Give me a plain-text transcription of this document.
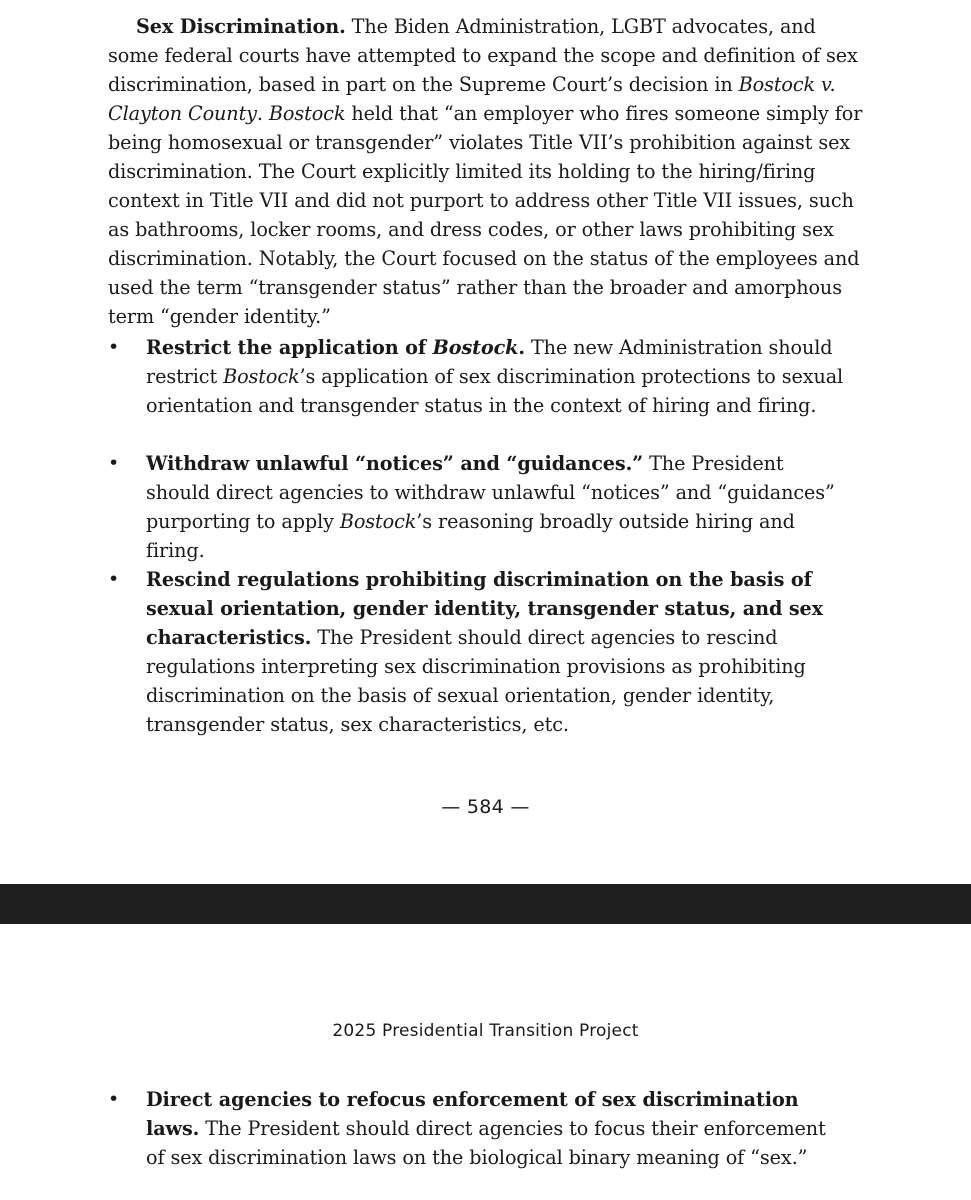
Sex Discrimination. The Biden Administration, LGBT advocates, and some federal courts have attempted to expand the scope and definition of sex discrimination, based in part on the Supreme Court’s decision in Bostock v. Clayton County. Bostock held that “an employer who fires someone simply for being homosexual or transgender” violates Title VII’s prohibition against sex discrimination. The Court explicitly limited its holding to the hiring/firing context in Title VII and did not purport to address other Title VII issues, such as bathrooms, locker rooms, and dress codes, or other laws prohibiting sex discrimination. Notably, the Court focused on the status of the employees and used the term “transgender status” rather than the broader and amorphous term “gender identity.”

• Restrict the application of Bostock. The new Administration should restrict Bostock’s application of sex discrimination protections to sexual orientation and transgender status in the context of hiring and firing.
• Withdraw unlawful “notices” and “guidances.” The President should direct agencies to withdraw unlawful “notices” and “guidances” purporting to apply Bostock’s reasoning broadly outside hiring and firing.
• Rescind regulations prohibiting discrimination on the basis of sexual orientation, gender identity, transgender status, and sex characteristics. The President should direct agencies to rescind regulations interpreting sex discrimination provisions as prohibiting discrimination on the basis of sexual orientation, gender identity, transgender status, sex characteristics, etc.
— 584 —
2025 Presidential Transition Project
• Direct agencies to refocus enforcement of sex discrimination laws. The President should direct agencies to focus their enforcement of sex discrimination laws on the biological binary meaning of “sex.”
